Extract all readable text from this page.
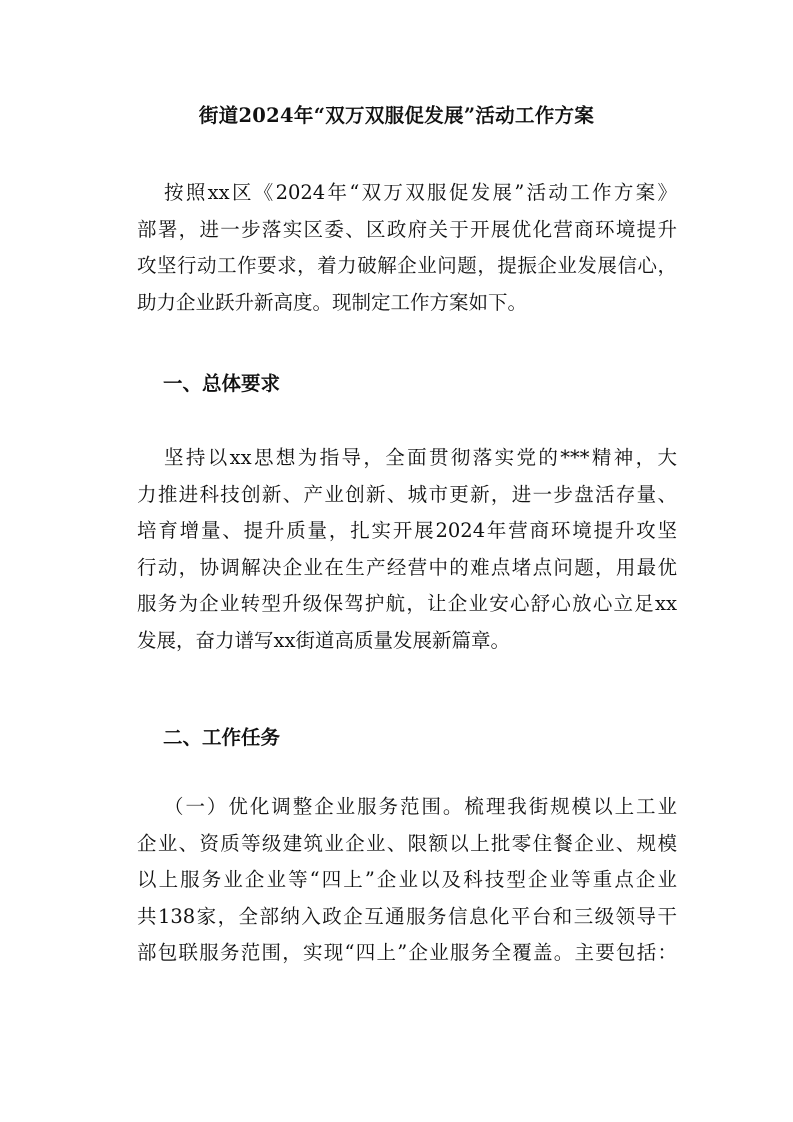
街道2024年“双万双服促发展”活动工作方案
按照xx区《2024年“双万双服促发展”活动工作方案》
部署，进一步落实区委、区政府关于开展优化营商环境提升
攻坚行动工作要求，着力破解企业问题，提振企业发展信心，
助力企业跃升新高度。现制定工作方案如下。
一、总体要求
坚持以xx思想为指导，全面贯彻落实党的***精神，大
力推进科技创新、产业创新、城市更新，进一步盘活存量、
培育增量、提升质量，扎实开展2024年营商环境提升攻坚
行动，协调解决企业在生产经营中的难点堵点问题，用最优
服务为企业转型升级保驾护航，让企业安心舒心放心立足xx
发展，奋力谱写xx街道高质量发展新篇章。
二、工作任务
（一）优化调整企业服务范围。梳理我街规模以上工业
企业、资质等级建筑业企业、限额以上批零住餐企业、规模
以上服务业企业等“四上”企业以及科技型企业等重点企业
共138家，全部纳入政企互通服务信息化平台和三级领导干
部包联服务范围，实现“四上”企业服务全覆盖。主要包括：
